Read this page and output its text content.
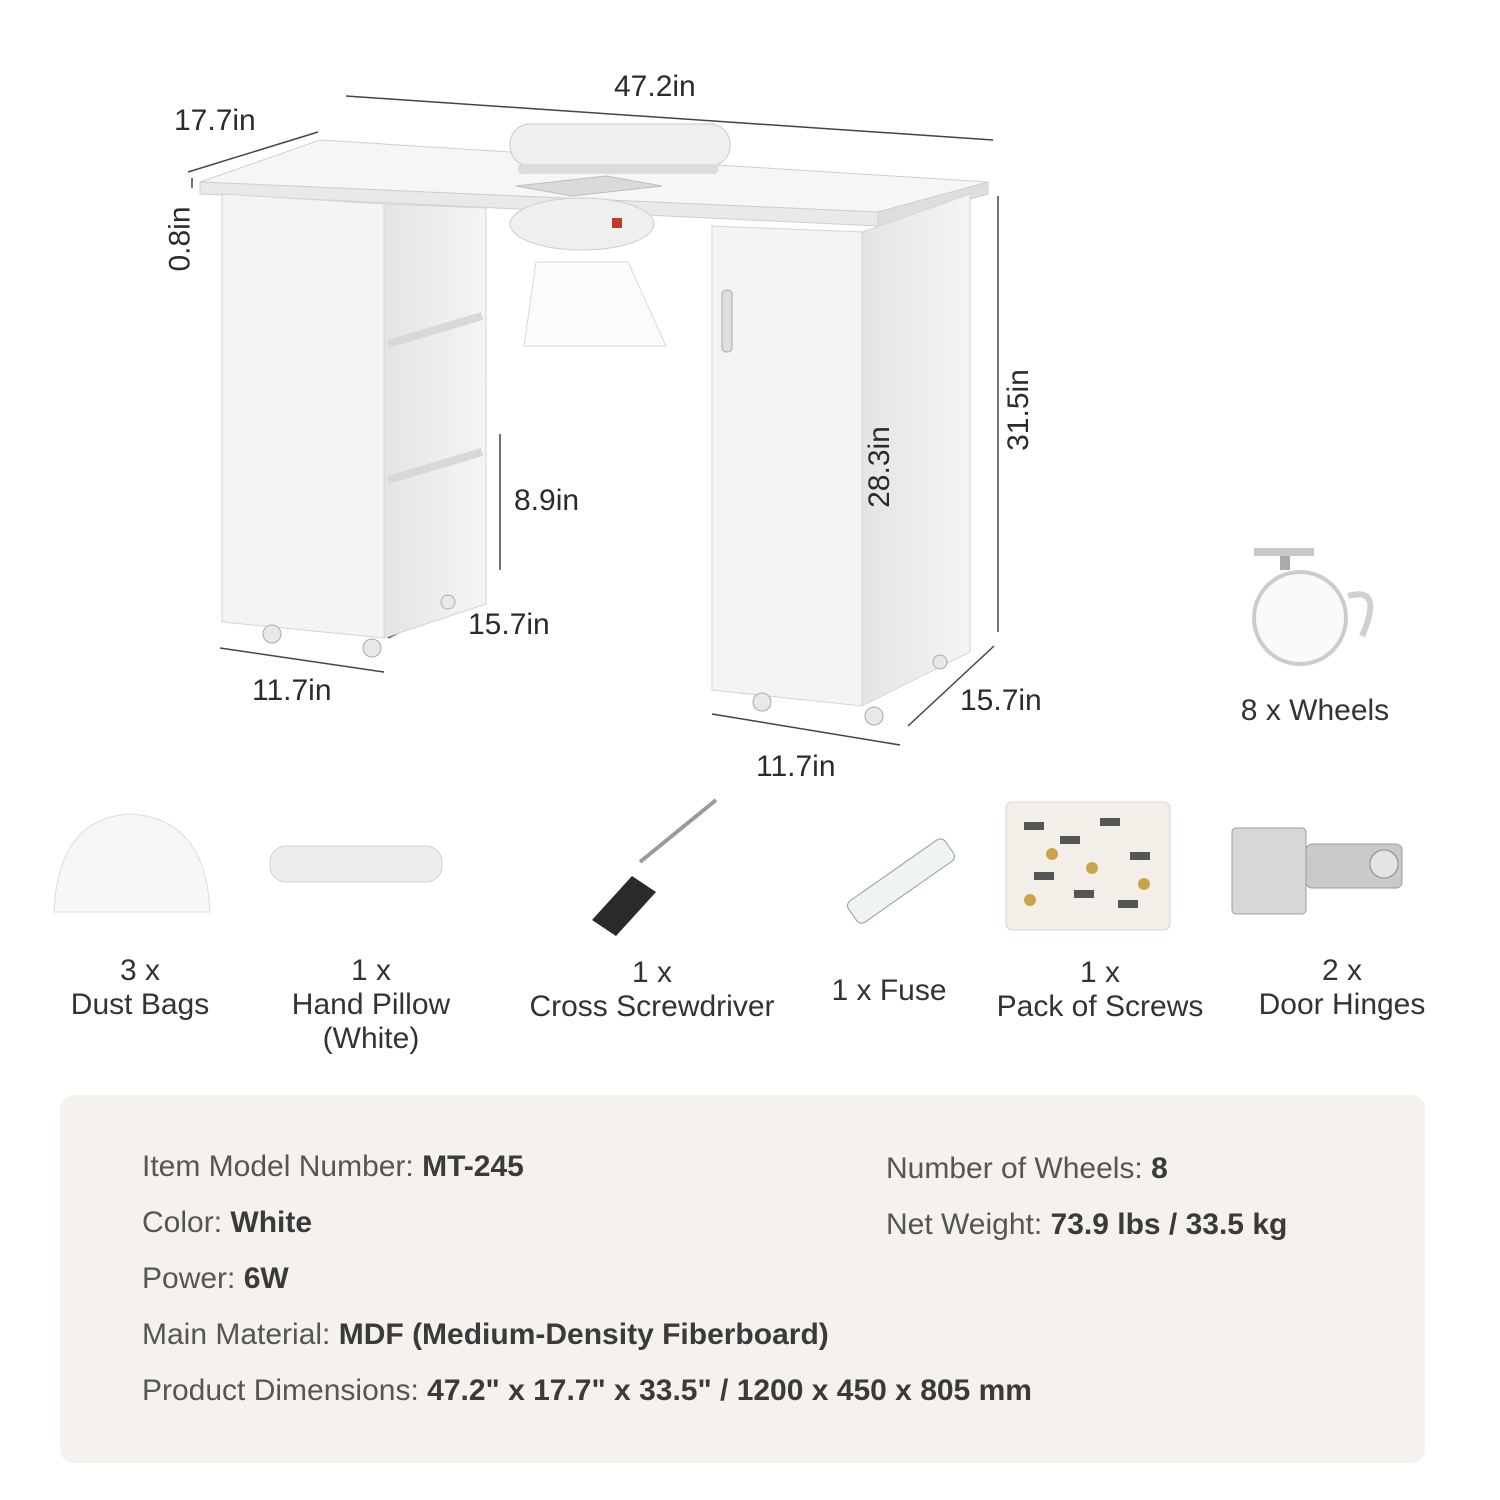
47.2in
17.7in
0.8in
31.5in
28.3in
8.9in
15.7in
11.7in	15.7in
11.7in
8 x Wheels
3 x
Dust Bags
1 x
Hand Pillow
(White)
1 x
Cross Screwdriver	1 x Fuse
1 x
Pack of Screws
2 x
Door Hinges
Item Model Number: MT-245
Color: White
Power: 6W
Main Material: MDF (Medium-Density Fiberboard)
Product Dimensions: 47.2" x 17.7" x 33.5" / 1200 x 450 x 805 mm
Number of Wheels: 8
Net Weight: 73.9 lbs / 33.5 kg
